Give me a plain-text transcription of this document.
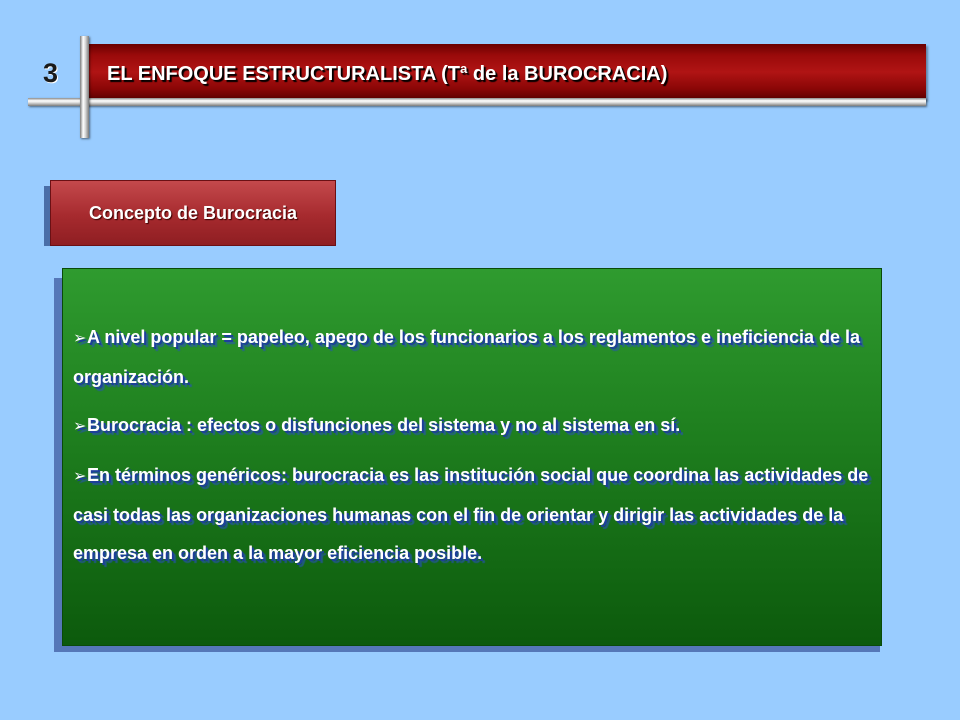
EL ENFOQUE ESTRUCTURALISTA (Tª de la BUROCRACIA)
3
Concepto de Burocracia
➢A nivel popular = papeleo, apego de los funcionarios a los reglamentos e ineficiencia de la organización.
➢Burocracia : efectos o disfunciones del sistema y no al sistema en sí.
➢En términos genéricos: burocracia es las institución social que coordina las actividades de casi todas las organizaciones humanas con el fin de orientar y dirigir las actividades de la empresa en orden a la mayor eficiencia posible.
